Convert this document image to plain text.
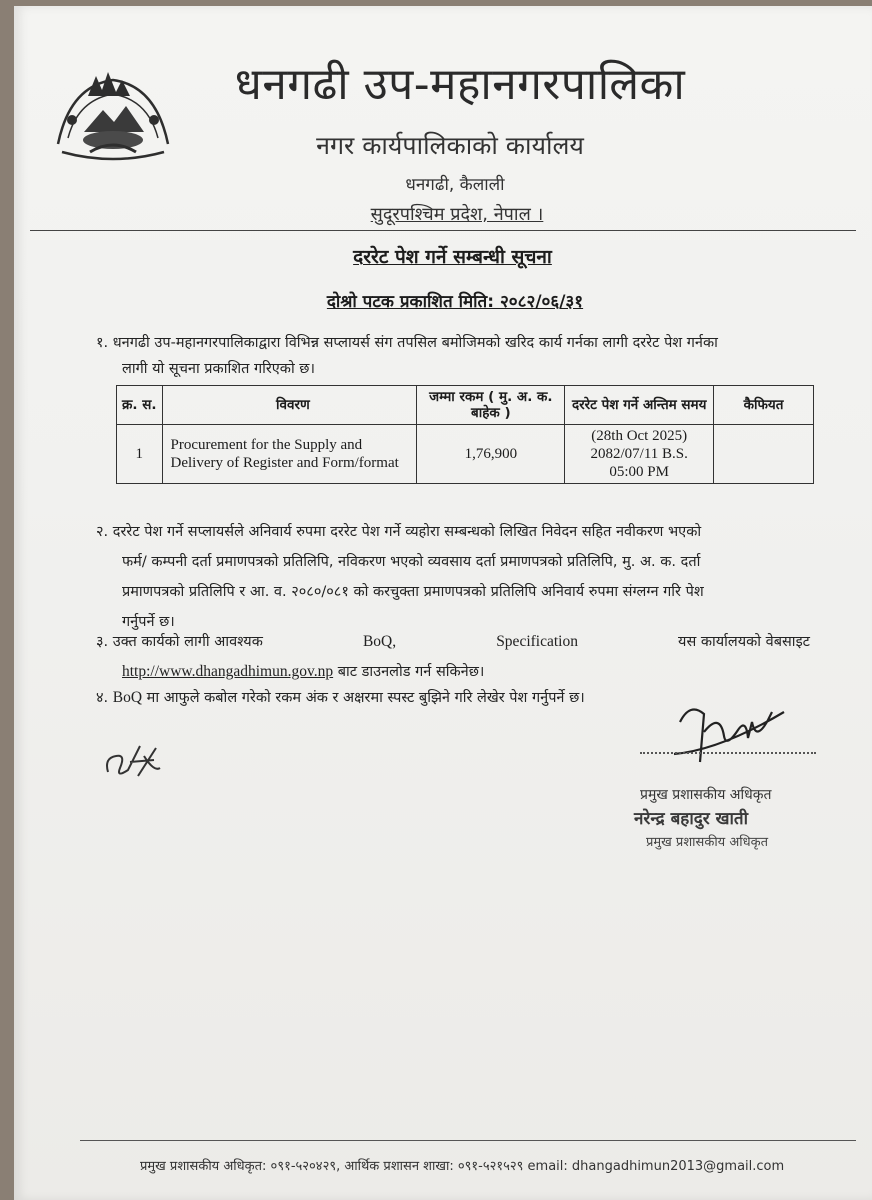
धनगढी उप-महानगरपालिका
नगर कार्यपालिकाको कार्यालय
धनगढी, कैलाली
सुदूरपश्चिम प्रदेश, नेपाल ।
दररेट पेश गर्ने सम्बन्धी सूचना
दोश्रो पटक प्रकाशित मिति: २०८२/०६/३१
१. धनगढी उप-महानगरपालिकाद्वारा विभिन्न सप्लायर्स संग तपसिल बमोजिमको खरिद कार्य गर्नका लागी दररेट पेश गर्नका
लागी यो सूचना प्रकाशित गरिएको छ।
क्र. स.	विवरण	जम्मा रकम ( मु. अ. क. बाहेक )	दररेट पेश गर्ने अन्तिम समय	कैफियत
1	Procurement for the Supply and Delivery of Register and Form/format	1,76,900	(28th Oct 2025)
2082/07/11 B.S.
05:00 PM	

२. दररेट पेश गर्ने सप्लायर्सले अनिवार्य रुपमा दररेट पेश गर्ने व्यहोरा सम्बन्धको लिखित निवेदन सहित नवीकरण भएको
फर्म/ कम्पनी दर्ता प्रमाणपत्रको प्रतिलिपि, नविकरण भएको व्यवसाय दर्ता प्रमाणपत्रको प्रतिलिपि, मु. अ. क. दर्ता
प्रमाणपत्रको प्रतिलिपि र आ. व. २०८०/०८१ को करचुक्ता प्रमाणपत्रको प्रतिलिपि अनिवार्य रुपमा संग्लग्न गरि पेश
गर्नुपर्ने छ।
३. उक्त कार्यको लागी आवश्यक	BoQ,	Specification	यस कार्यालयको वेबसाइट
http://www.dhangadhimun.gov.np बाट डाउनलोड गर्न सकिनेछ।
४. BoQ मा आफुले कबोल गरेको रकम अंक र अक्षरमा स्पस्ट बुझिने गरि लेखेर पेश गर्नुपर्ने छ।
प्रमुख प्रशासकीय अधिकृत
नरेन्द्र बहादुर खाती
प्रमुख प्रशासकीय अधिकृत
प्रमुख प्रशासकीय अधिकृत: ०९१-५२०४२९, आर्थिक प्रशासन शाखा: ०९१-५२१५२९ email: dhangadhimun2013@gmail.com
